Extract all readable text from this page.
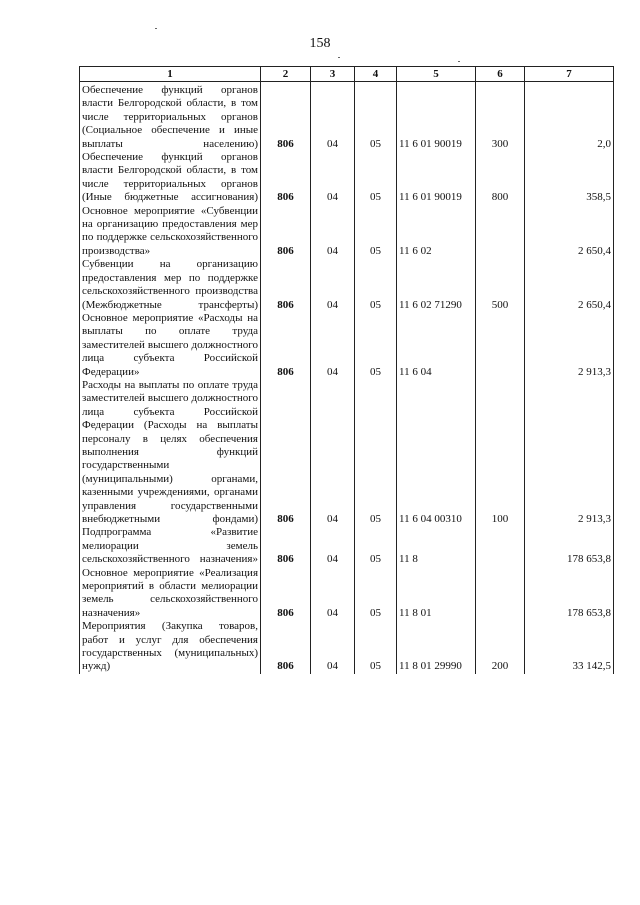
158
1	2	3	4	5	6	7
Обеспечение функций органов власти Белгородской области, в том числе территориальных органов (Социальное обеспечение и иные выплаты населению)	806	04	05	11 6 01 90019	300	2,0
Обеспечение функций органов власти Белгородской области, в том числе территориальных органов (Иные бюджетные ассигнования)	806	04	05	11 6 01 90019	800	358,5
Основное мероприятие «Субвенции на организацию предоставления мер по поддержке сельскохозяйственного производства»	806	04	05	11 6 02		2 650,4
Субвенции на организацию предоставления мер по поддержке сельскохозяйственного производства (Межбюджетные трансферты)	806	04	05	11 6 02 71290	500	2 650,4
Основное мероприятие «Расходы на выплаты по оплате труда заместителей высшего должностного лица субъекта Российской Федерации»	806	04	05	11 6 04		2 913,3
Расходы на выплаты по оплате труда заместителей высшего должностного лица субъекта Российской Федерации (Расходы на выплаты персоналу в целях обеспечения выполнения функций государственными (муниципальными) органами, казенными учреждениями, органами управления государственными внебюджетными фондами)	806	04	05	11 6 04 00310	100	2 913,3
Подпрограмма «Развитие мелиорации земель сельскохозяйственного назначения»	806	04	05	11 8		178 653,8
Основное мероприятие «Реализация мероприятий в области мелиорации земель сельскохозяйственного назначения»	806	04	05	11 8 01		178 653,8
Мероприятия (Закупка товаров, работ и услуг для обеспечения государственных (муниципальных) нужд)	806	04	05	11 8 01 29990	200	33 142,5
